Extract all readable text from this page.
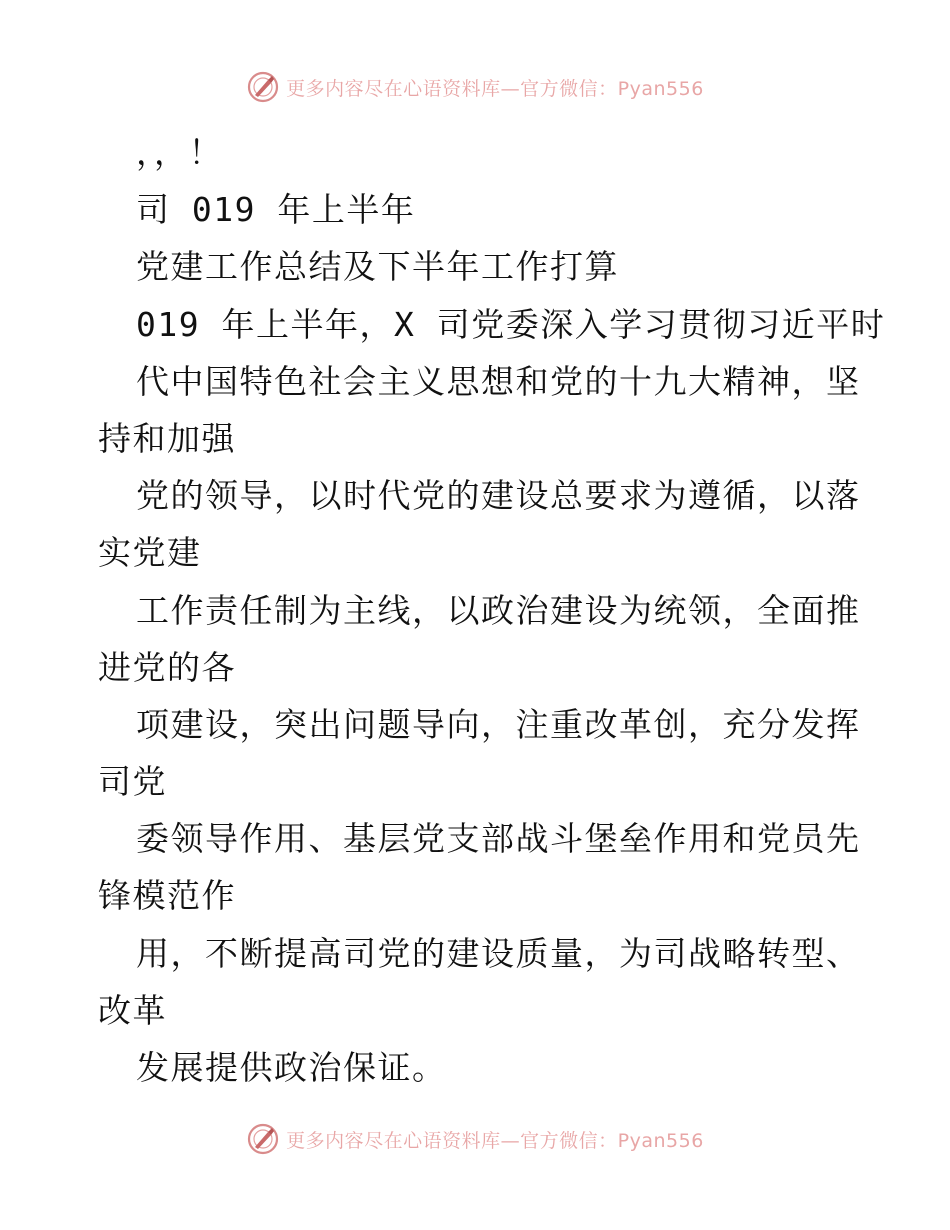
更多内容尽在心语资料库—官方微信：Pyan556
，，！
司 019 年上半年
党建工作总结及下半年工作打算
019 年上半年，X 司党委深入学习贯彻习近平时
代中国特色社会主义思想和党的十九大精神，坚
持和加强
党的领导，以时代党的建设总要求为遵循，以落
实党建
工作责任制为主线，以政治建设为统领，全面推
进党的各
项建设，突出问题导向，注重改革创，充分发挥
司党
委领导作用、基层党支部战斗堡垒作用和党员先
锋模范作
用，不断提高司党的建设质量，为司战略转型、
改革
发展提供政治保证。
更多内容尽在心语资料库—官方微信：Pyan556
